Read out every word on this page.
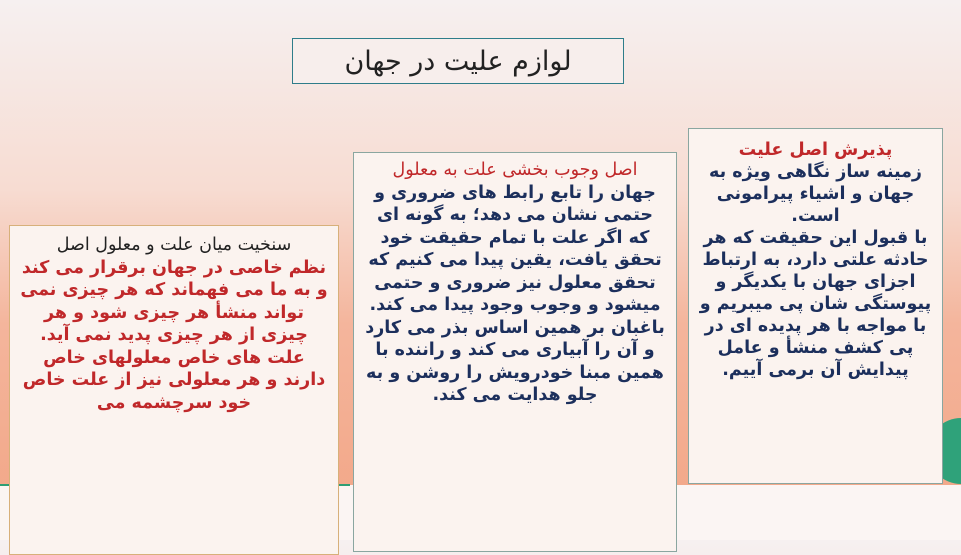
لوازم علیت در جهان
سنخیت میان علت و معلول اصل
نظم خاصی در جهان برقرار می کند و به ما می فهماند که هر چیزی نمی تواند منشأ هر چیزی شود و هر چیزی از هر چیزی پدید نمی آید. علت های خاص معلولهای خاص دارند و هر معلولی نیز از علت خاص خود سرچشمه می
اصل وجوب بخشی علت به معلول
جهان را تابع رابط های ضروری و حتمی نشان می دهد؛ به گونه ای که اگر علت با تمام حقیقت خود تحقق یافت، یقین پیدا می کنیم که تحقق معلول نیز ضروری و حتمی میشود و وجوب وجود پیدا می کند.
باغبان بر همین اساس بذر می کارد و آن را آبیاری می کند و راننده با همین مبنا خودرویش را روشن و به جلو هدایت می کند.
پذیرش اصل علیت
زمینه ساز نگاهی ویژه به جهان و اشیاء پیرامونی است.
با قبول این حقیقت که هر حادثه علتی دارد، به ارتباط اجزای جهان با یکدیگر و پیوستگی شان پی میبریم و با مواجه با هر پدیده ای در پی کشف منشأ و عامل پیدایش آن برمی آییم.
